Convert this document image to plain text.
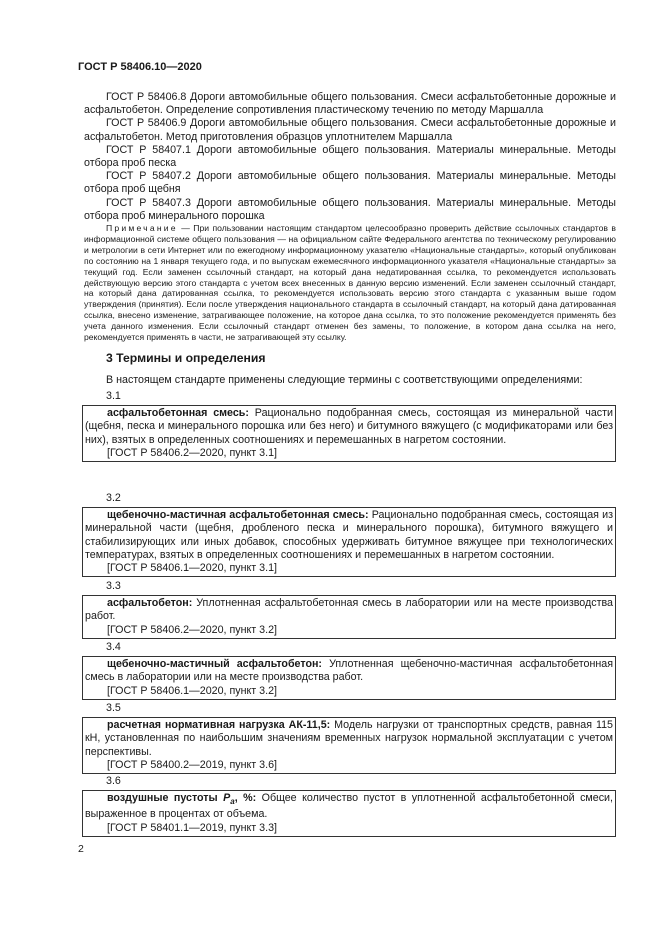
ГОСТ Р 58406.10—2020

ГОСТ Р 58406.8 Дороги автомобильные общего пользования. Смеси асфальтобетонные дорожные и асфальтобетон. Определение сопротивления пластическому течению по методу Маршалла

ГОСТ Р 58406.9 Дороги автомобильные общего пользования. Смеси асфальтобетонные дорожные и асфальтобетон. Метод приготовления образцов уплотнителем Маршалла

ГОСТ Р 58407.1 Дороги автомобильные общего пользования. Материалы минеральные. Методы отбора проб песка

ГОСТ Р 58407.2 Дороги автомобильные общего пользования. Материалы минеральные. Методы отбора проб щебня

ГОСТ Р 58407.3 Дороги автомобильные общего пользования. Материалы минеральные. Методы отбора проб минерального порошка

Примечание — При пользовании настоящим стандартом целесообразно проверить действие ссылочных стандартов в информационной системе общего пользования — на официальном сайте Федерального агентства по техническому регулированию и метрологии в сети Интернет или по ежегодному информационному указателю «Национальные стандарты», который опубликован по состоянию на 1 января текущего года, и по выпускам ежемесячного информационного указателя «Национальные стандарты» за текущий год. Если заменен ссылочный стандарт, на который дана недатированная ссылка, то рекомендуется использовать действующую версию этого стандарта с учетом всех внесенных в данную версию изменений. Если заменен ссылочный стандарт, на который дана датированная ссылка, то рекомендуется использовать версию этого стандарта с указанным выше годом утверждения (принятия). Если после утверждения национального стандарта в ссылочный стандарт, на который дана датированная ссылка, внесено изменение, затрагивающее положение, на которое дана ссылка, то это положение рекомендуется применять без учета данного изменения. Если ссылочный стандарт отменен без замены, то положение, в котором дана ссылка на него, рекомендуется применять в части, не затрагивающей эту ссылку.

3 Термины и определения
В настоящем стандарте применены следующие термины с соответствующими определениями:
3.1

асфальтобетонная смесь: Рационально подобранная смесь, состоящая из минеральной части (щебня, песка и минерального порошка или без него) и битумного вяжущего (с модификаторами или без них), взятых в определенных соотношениях и перемешанных в нагретом состоянии.

[ГОСТ Р 58406.2—2020, пункт 3.1]

3.2

щебеночно-мастичная асфальтобетонная смесь: Рационально подобранная смесь, состоящая из минеральной части (щебня, дробленого песка и минерального порошка), битумного вяжущего и стабилизирующих или иных добавок, способных удерживать битумное вяжущее при технологических температурах, взятых в определенных соотношениях и перемешанных в нагретом состоянии.

[ГОСТ Р 58406.1—2020, пункт 3.1]

3.3

асфальтобетон: Уплотненная асфальтобетонная смесь в лаборатории или на месте производства работ.

[ГОСТ Р 58406.2—2020, пункт 3.2]

3.4

щебеночно-мастичный асфальтобетон: Уплотненная щебеночно-мастичная асфальтобетонная смесь в лаборатории или на месте производства работ.

[ГОСТ Р 58406.1—2020, пункт 3.2]

3.5

расчетная нормативная нагрузка АК-11,5: Модель нагрузки от транспортных средств, равная 115 кН, установленная по наибольшим значениям временных нагрузок нормальной эксплуатации с учетом перспективы.

[ГОСТ Р 58400.2—2019, пункт 3.6]

3.6

воздушные пустоты $P_a$, %: Общее количество пустот в уплотненной асфальтобетонной смеси, выраженное в процентах от объема.

[ГОСТ Р 58401.1—2019, пункт 3.3]

2
